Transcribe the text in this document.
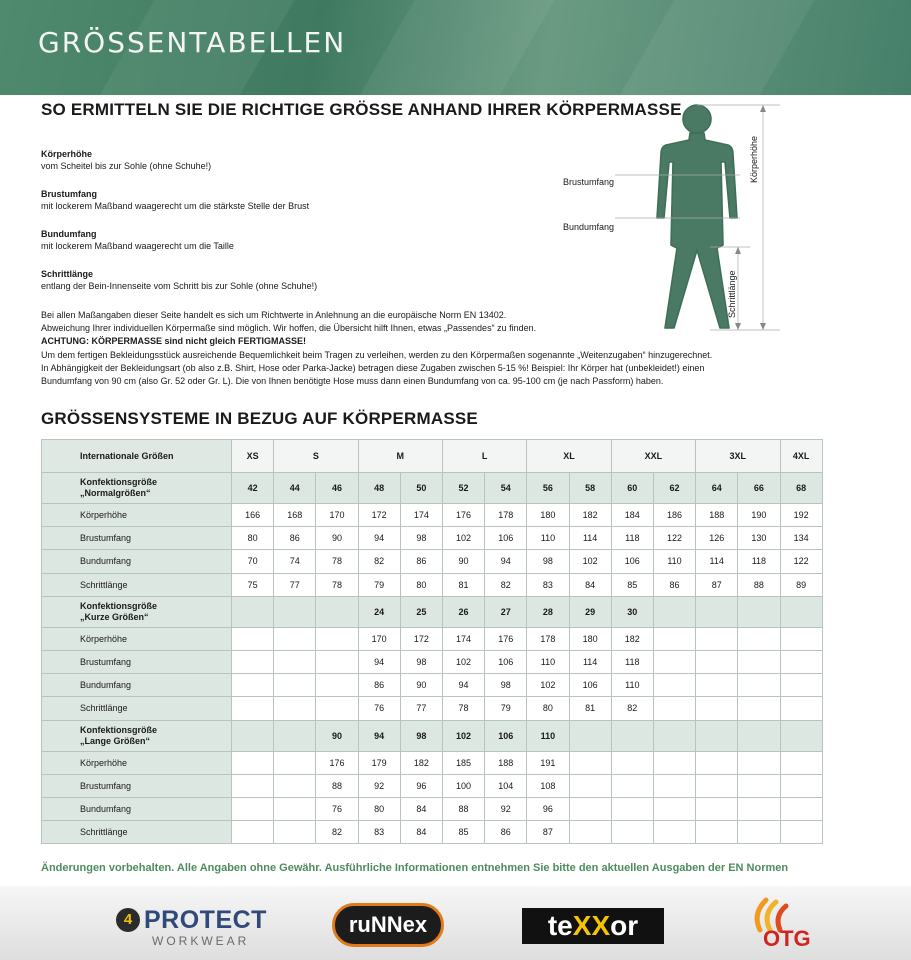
GRÖSSENTABELLEN
SO ERMITTELN SIE DIE RICHTIGE GRÖSSE ANHAND IHRER KÖRPERMASSE
Körperhöhe
vom Scheitel bis zur Sohle (ohne Schuhe!)
Brustumfang
mit lockerem Maßband waagerecht um die stärkste Stelle der Brust
Bundumfang
mit lockerem Maßband waagerecht um die Taille
Schrittlänge
entlang der Bein-Innenseite vom Schritt bis zur Sohle (ohne Schuhe!)
Bei allen Maßangaben dieser Seite handelt es sich um Richtwerte in Anlehnung an die europäische Norm EN 13402.
Abweichung Ihrer individuellen Körpermaße sind möglich. Wir hoffen, die Übersicht hilft Ihnen, etwas „Passendes“ zu finden.
ACHTUNG: KÖRPERMASSE sind nicht gleich FERTIGMASSE!
Um dem fertigen Bekleidungsstück ausreichende Bequemlichkeit beim Tragen zu verleihen, werden zu den Körpermaßen sogenannte „Weitenzugaben“ hinzugerechnet.
In Abhängigkeit der Bekleidungsart (ob also z.B. Shirt, Hose oder Parka-Jacke) betragen diese Zugaben zwischen 5-15 %! Beispiel: Ihr Körper hat (unbekleidet!) einen
Bundumfang von 90 cm (also Gr. 52 oder Gr. L). Die von Ihnen benötigte Hose muss dann einen Bundumfang von ca. 95-100 cm (je nach Passform) haben.
Brustumfang
Bundumfang
Körperhöhe
Schrittlänge
GRÖSSENSYSTEME IN BEZUG AUF KÖRPERMASSE
Internationale Größen	XS	S		M		L		XL		XXL		3XL		4XL

Konfektionsgröße
„Normalgrößen“	42	44	46	48	50	52	54	56	58	60	62	64	66	68
Körperhöhe	166	168	170	172	174	176	178	180	182	184	186	188	190	192
Brustumfang	80	86	90	94	98	102	106	110	114	118	122	126	130	134
Bundumfang	70	74	78	82	86	90	94	98	102	106	110	114	118	122
Schrittlänge	75	77	78	79	80	81	82	83	84	85	86	87	88	89

Konfektionsgröße
„Kurze Größen“				24	25	26	27	28	29	30				
Körperhöhe				170	172	174	176	178	180	182				
Brustumfang				94	98	102	106	110	114	118				
Bundumfang				86	90	94	98	102	106	110				
Schrittlänge				76	77	78	79	80	81	82				

Konfektionsgröße
„Lange Größen“			90	94	98	102	106	110						
Körperhöhe			176	179	182	185	188	191						
Brustumfang			88	92	96	100	104	108						
Bundumfang			76	80	84	88	92	96						
Schrittlänge			82	83	84	85	86	87						
Änderungen vorbehalten. Alle Angaben ohne Gewähr. Ausführliche Informationen entnehmen Sie bitte den aktuellen Ausgaben der EN Normen
4 PROTECT
WORKWEAR
ruNNex	teXXor	OTG
